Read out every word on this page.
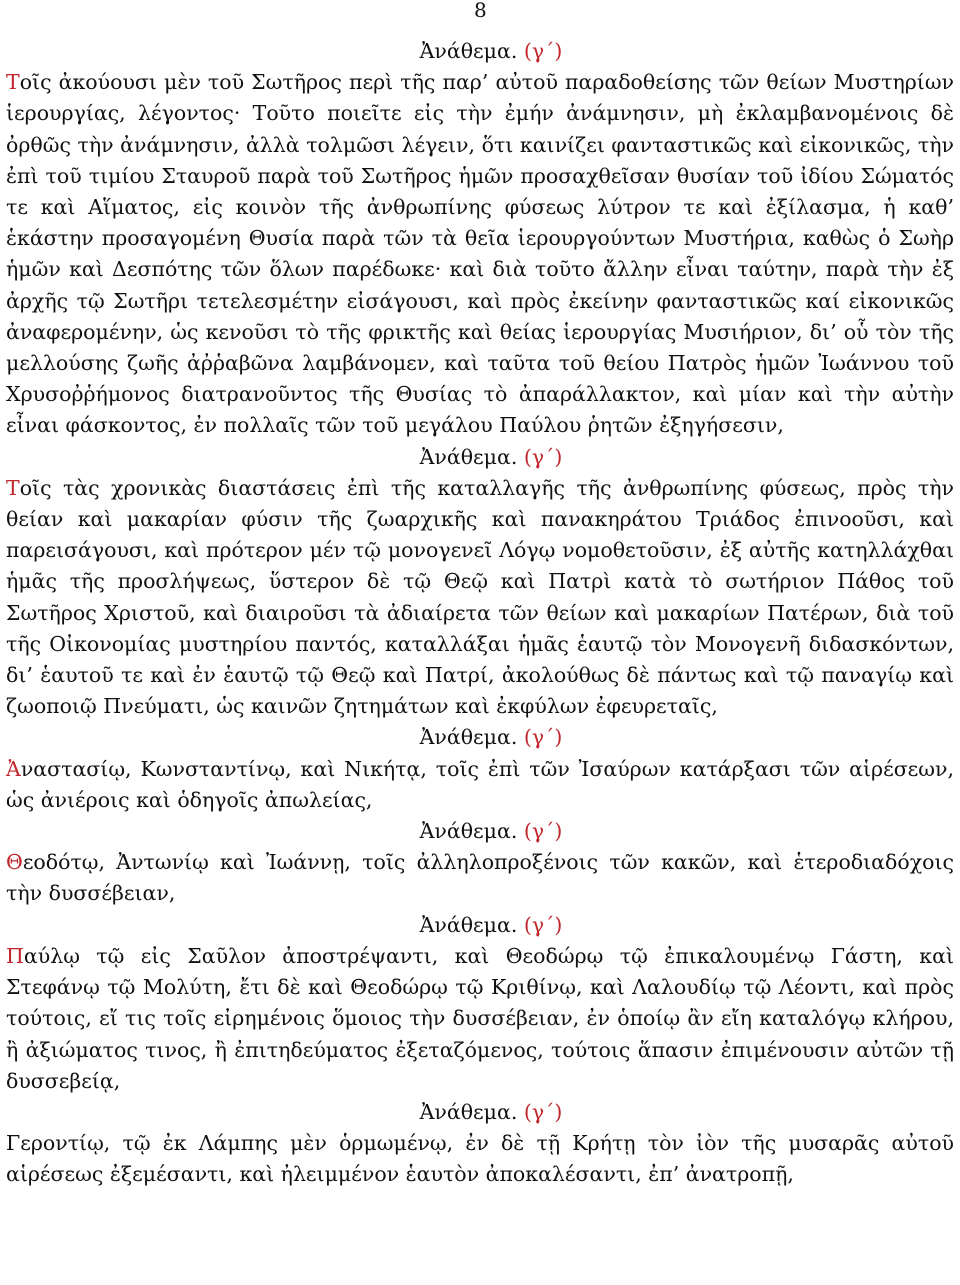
8

Ἀνάθεμα. (γ΄)

Τοῖς ἀκούουσι μὲν τοῦ Σωτῆρος περὶ τῆς παρ’ αὐτοῦ παραδοθείσης τῶν θείων Μυστηρίων ἱερουργίας, λέγοντος· Τοῦτο ποιεῖτε εἰς τὴν ἐμήν ἀνάμνησιν, μὴ ἐκλαμβανομένοις δὲ ὀρθῶς τὴν ἀνάμνησιν, ἀλλὰ τολμῶσι λέγειν, ὅτι καινίζει φανταστικῶς καὶ εἰκονικῶς, τὴν ἐπὶ τοῦ τιμίου Σταυροῦ παρὰ τοῦ Σωτῆρος ἡμῶν προσαχθεῖσαν θυσίαν τοῦ ἰδίου Σώματός τε καὶ Αἵματος, εἰς κοινὸν τῆς ἀνθρωπίνης φύσεως λύτρον τε καὶ ἐξίλασμα, ἡ καθ’ ἑκάστην προσαγομένη Θυσία παρὰ τῶν τὰ θεῖα ἱερουργούντων Μυστήρια, καθὼς ὁ Σωὴρ ἡμῶν καὶ Δεσπότης τῶν ὅλων παρέδωκε· καὶ διὰ τοῦτο ἄλλην εἶναι ταύτην, παρὰ τὴν ἐξ ἀρχῆς τῷ Σωτῆρι τετελεσμέτην εἰσάγουσι, καὶ πρὸς ἐκείνην φανταστικῶς καί εἰκονικῶς ἀναφερομένην, ὡς κενοῦσι τὸ τῆς φρικτῆς καὶ θείας ἱερουργίας Μυσιήριον, δι’ οὗ τὸν τῆς μελλούσης ζωῆς ἀῤῥαβῶνα λαμβάνομεν, καὶ ταῦτα τοῦ θείου Πατρὸς ἡμῶν Ἰωάννου τοῦ Χρυσοῤῥήμονος διατρανοῦντος τῆς Θυσίας τὸ ἀπαράλλακτον, καὶ μίαν καὶ τὴν αὐτὴν εἶναι φάσκοντος, ἐν πολλαῖς τῶν τοῦ μεγάλου Παύλου ῥητῶν ἐξηγήσεσιν,

Ἀνάθεμα. (γ΄)

Τοῖς τὰς χρονικὰς διαστάσεις ἐπὶ τῆς καταλλαγῆς τῆς ἀνθρωπίνης φύσεως, πρὸς τὴν θείαν καὶ μακαρίαν φύσιν τῆς ζωαρχικῆς καὶ πανακηράτου Τριάδος ἐπινοοῦσι, καὶ παρεισάγουσι, καὶ πρότερον μέν τῷ μονογενεῖ Λόγῳ νομοθετοῦσιν, ἐξ αὐτῆς κατηλλάχθαι ἡμᾶς τῆς προσλήψεως, ὕστερον δὲ τῷ Θεῷ καὶ Πατρὶ κατὰ τὸ σωτήριον Πάθος τοῦ Σωτῆρος Χριστοῦ, καὶ διαιροῦσι τὰ ἀδιαίρετα τῶν θείων καὶ μακαρίων Πατέρων, διὰ τοῦ τῆς Οἰκονομίας μυστηρίου παντός, καταλλάξαι ἡμᾶς ἑαυτῷ τὸν Μονογενῆ διδασκόντων, δι’ ἑαυτοῦ τε καὶ ἐν ἑαυτῷ τῷ Θεῷ καὶ Πατρί, ἀκολούθως δὲ πάντως καὶ τῷ παναγίῳ καὶ ζωοποιῷ Πνεύματι, ὡς καινῶν ζητημάτων καὶ ἐκφύλων ἐφευρεταῖς,

Ἀνάθεμα. (γ΄)

Ἀναστασίῳ, Κωνσταντίνῳ, καὶ Νικήτᾳ, τοῖς ἐπὶ τῶν Ἰσαύρων κατάρξασι τῶν αἱρέσεων, ὡς ἀνιέροις καὶ ὁδηγοῖς ἀπωλείας,

Ἀνάθεμα. (γ΄)

Θεοδότῳ, Ἀντωνίῳ καὶ Ἰωάννῃ, τοῖς ἀλληλοπροξένοις τῶν κακῶν, καὶ ἑτεροδιαδόχοις τὴν δυσσέβειαν,

Ἀνάθεμα. (γ΄)

Παύλῳ τῷ εἰς Σαῦλον ἀποστρέψαντι, καὶ Θεοδώρῳ τῷ ἐπικαλουμένῳ Γάστη, καὶ Στεφάνῳ τῷ Μολύτη, ἔτι δὲ καὶ Θεοδώρῳ τῷ Κριθίνῳ, καὶ Λαλουδίῳ τῷ Λέοντι, καὶ πρὸς τούτοις, εἴ τις τοῖς εἰρημένοις ὅμοιος τὴν δυσσέβειαν, ἐν ὁποίῳ ἂν εἴη καταλόγῳ κλήρου, ἢ ἀξιώματος τινος, ἢ ἐπιτηδεύματος ἐξεταζόμενος, τούτοις ἅπασιν ἐπιμένουσιν αὐτῶν τῇ δυσσεβείᾳ,

Ἀνάθεμα. (γ΄)

Γεροντίῳ, τῷ ἐκ Λάμπης μὲν ὁρμωμένῳ, ἐν δὲ τῇ Κρήτῃ τὸν ἰὸν τῆς μυσαρᾶς αὐτοῦ αἱρέσεως ἐξεμέσαντι, καὶ ἠλειμμένον ἑαυτὸν ἀποκαλέσαντι, ἐπ’ ἀνατροπῇ,
